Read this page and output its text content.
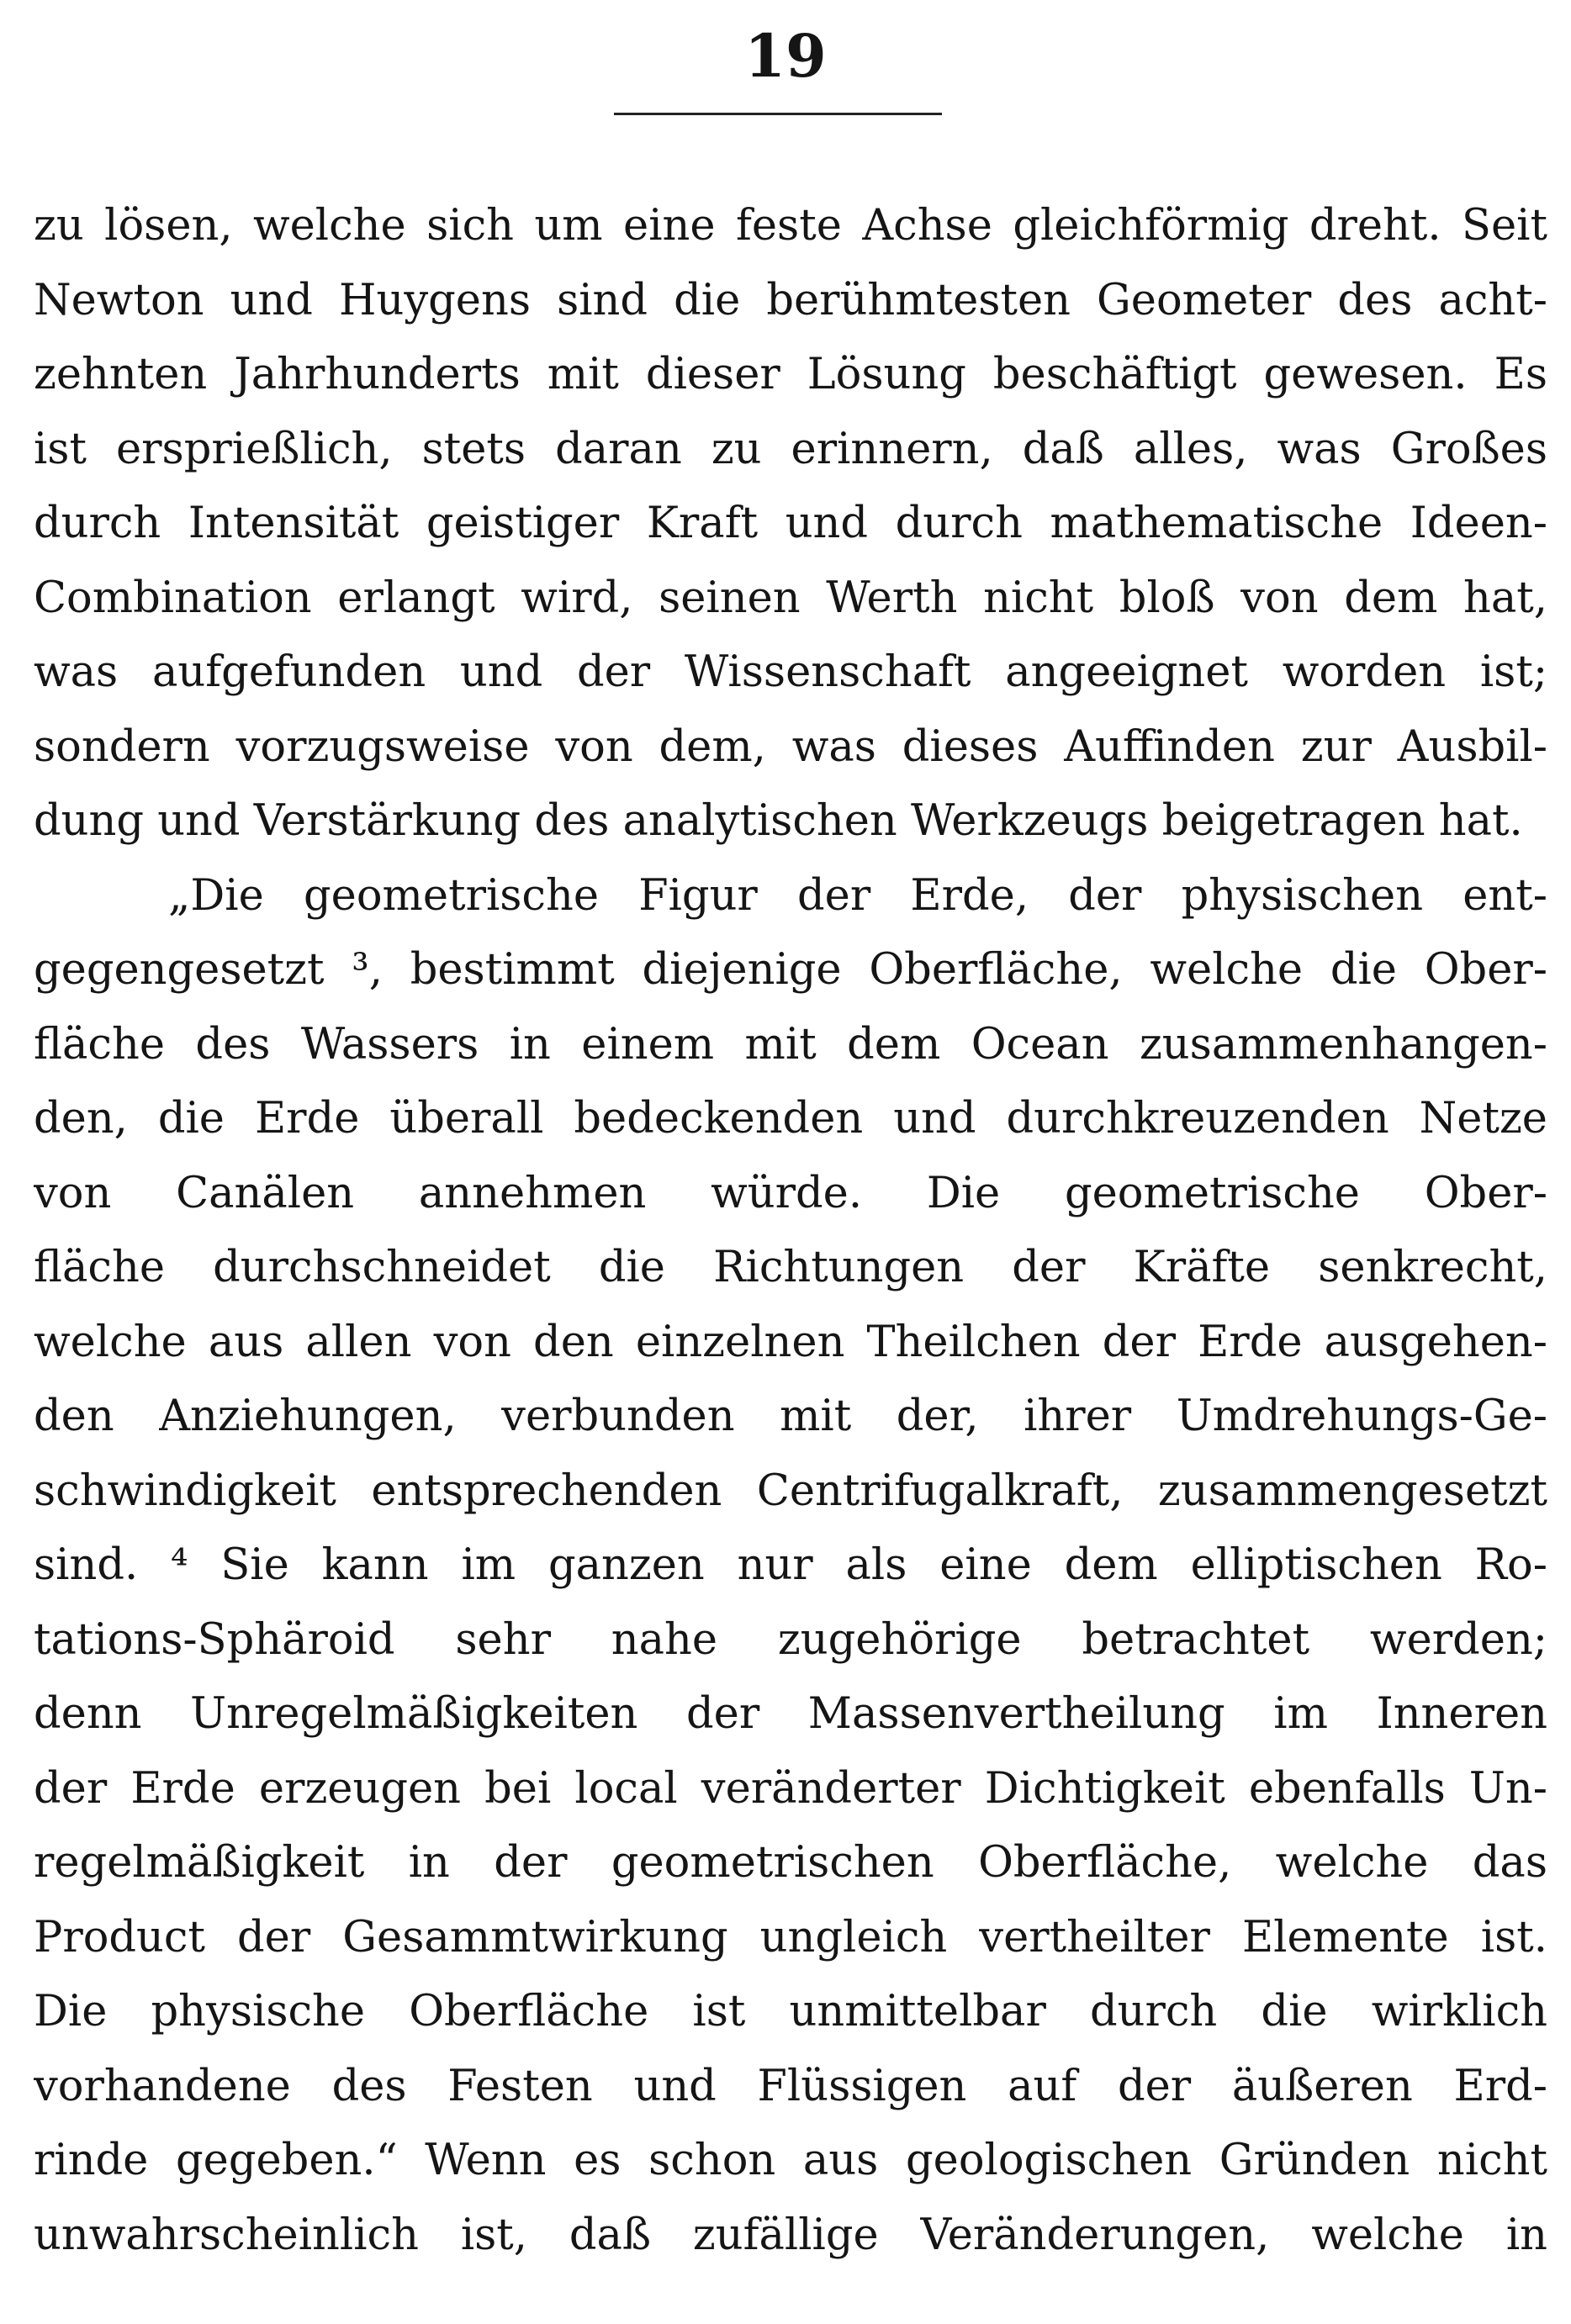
19
zu lösen, welche sich um eine feste Achse gleichförmig dreht. Seit
Newton und Huygens sind die berühmtesten Geometer des acht-
zehnten Jahrhunderts mit dieser Lösung beschäftigt gewesen. Es
ist ersprießlich, stets daran zu erinnern, daß alles, was Großes
durch Intensität geistiger Kraft und durch mathematische Ideen-
Combination erlangt wird, seinen Werth nicht bloß von dem hat,
was aufgefunden und der Wissenschaft angeeignet worden ist;
sondern vorzugsweise von dem, was dieses Auffinden zur Ausbil-
dung und Verstärkung des analytischen Werkzeugs beigetragen hat.
„Die geometrische Figur der Erde, der physischen ent-
gegengesetzt ³, bestimmt diejenige Oberfläche, welche die Ober-
fläche des Wassers in einem mit dem Ocean zusammenhangen-
den, die Erde überall bedeckenden und durchkreuzenden Netze
von Canälen annehmen würde. Die geometrische Ober-
fläche durchschneidet die Richtungen der Kräfte senkrecht,
welche aus allen von den einzelnen Theilchen der Erde ausgehen-
den Anziehungen, verbunden mit der, ihrer Umdrehungs-Ge-
schwindigkeit entsprechenden Centrifugalkraft, zusammengesetzt
sind. ⁴ Sie kann im ganzen nur als eine dem elliptischen Ro-
tations-Sphäroid sehr nahe zugehörige betrachtet werden;
denn Unregelmäßigkeiten der Massenvertheilung im Inneren
der Erde erzeugen bei local veränderter Dichtigkeit ebenfalls Un-
regelmäßigkeit in der geometrischen Oberfläche, welche das
Product der Gesammtwirkung ungleich vertheilter Elemente ist.
Die physische Oberfläche ist unmittelbar durch die wirklich
vorhandene des Festen und Flüssigen auf der äußeren Erd-
rinde gegeben.“ Wenn es schon aus geologischen Gründen nicht
unwahrscheinlich ist, daß zufällige Veränderungen, welche in
